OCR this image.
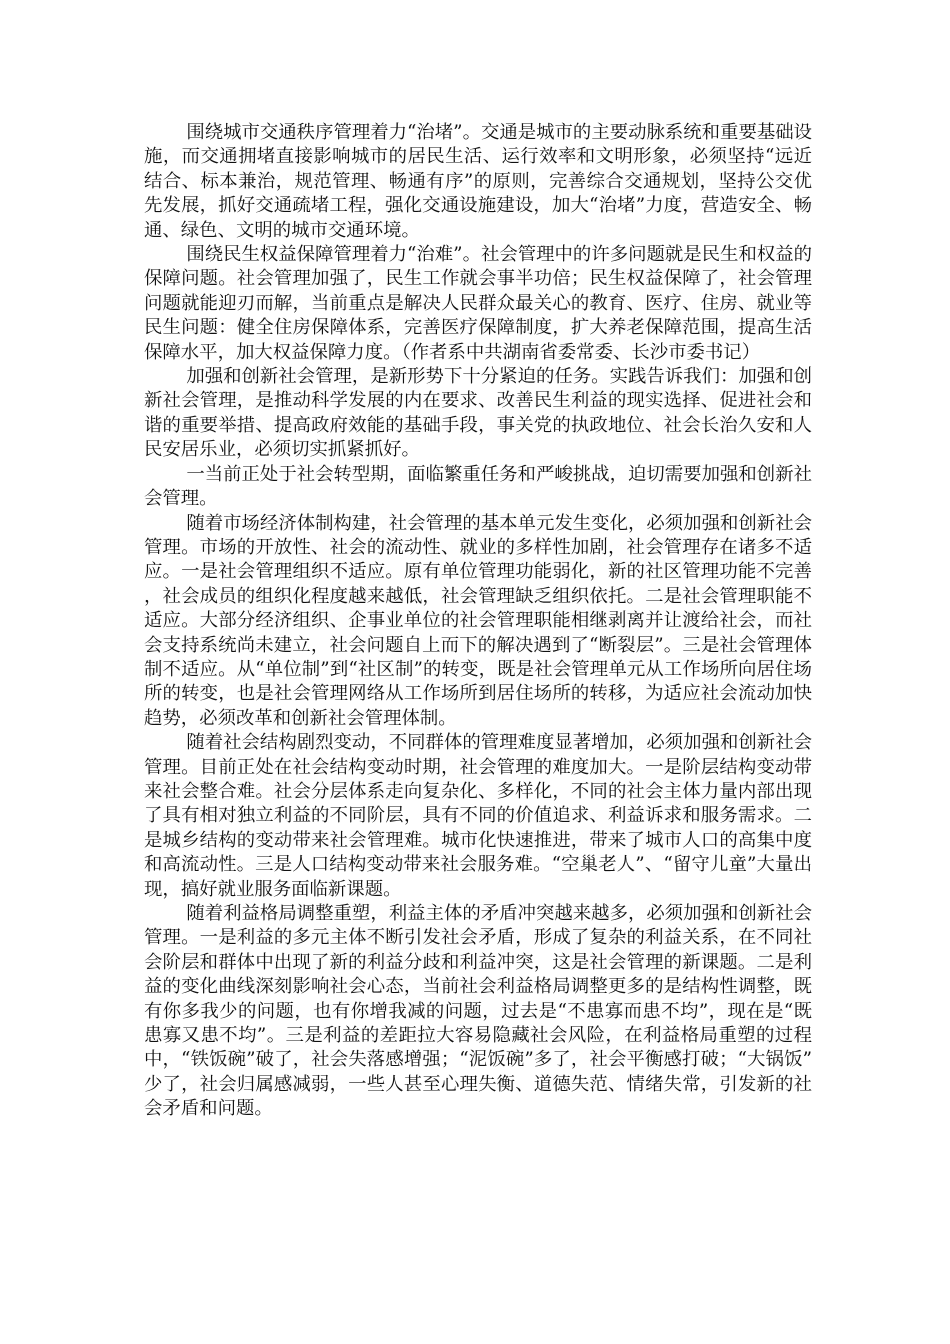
围绕城市交通秩序管理着力“治堵”。交通是城市的主要动脉系统和重要基础设施，而交通拥堵直接影响城市的居民生活、运行效率和文明形象，必须坚持“远近结合、标本兼治，规范管理、畅通有序”的原则，完善综合交通规划，坚持公交优先发展，抓好交通疏堵工程，强化交通设施建设，加大“治堵”力度，营造安全、畅通、绿色、文明的城市交通环境。

围绕民生权益保障管理着力“治难”。社会管理中的许多问题就是民生和权益的保障问题。社会管理加强了，民生工作就会事半功倍；民生权益保障了，社会管理问题就能迎刃而解，当前重点是解决人民群众最关心的教育、医疗、住房、就业等民生问题：健全住房保障体系，完善医疗保障制度，扩大养老保障范围，提高生活保障水平，加大权益保障力度。（作者系中共湖南省委常委、长沙市委书记）

加强和创新社会管理，是新形势下十分紧迫的任务。实践告诉我们：加强和创新社会管理，是推动科学发展的内在要求、改善民生利益的现实选择、促进社会和谐的重要举措、提高政府效能的基础手段，事关党的执政地位、社会长治久安和人民安居乐业，必须切实抓紧抓好。

一当前正处于社会转型期，面临繁重任务和严峻挑战，迫切需要加强和创新社会管理。

随着市场经济体制构建，社会管理的基本单元发生变化，必须加强和创新社会管理。市场的开放性、社会的流动性、就业的多样性加剧，社会管理存在诸多不适应。一是社会管理组织不适应。原有单位管理功能弱化，新的社区管理功能不完善，社会成员的组织化程度越来越低，社会管理缺乏组织依托。二是社会管理职能不适应。大部分经济组织、企事业单位的社会管理职能相继剥离并让渡给社会，而社会支持系统尚未建立，社会问题自上而下的解决遇到了“断裂层”。三是社会管理体制不适应。从“单位制”到“社区制”的转变，既是社会管理单元从工作场所向居住场所的转变，也是社会管理网络从工作场所到居住场所的转移，为适应社会流动加快趋势，必须改革和创新社会管理体制。

随着社会结构剧烈变动，不同群体的管理难度显著增加，必须加强和创新社会管理。目前正处在社会结构变动时期，社会管理的难度加大。一是阶层结构变动带来社会整合难。社会分层体系走向复杂化、多样化，不同的社会主体力量内部出现了具有相对独立利益的不同阶层，具有不同的价值追求、利益诉求和服务需求。二是城乡结构的变动带来社会管理难。城市化快速推进，带来了城市人口的高集中度和高流动性。三是人口结构变动带来社会服务难。“空巢老人”、“留守儿童”大量出现，搞好就业服务面临新课题。

随着利益格局调整重塑，利益主体的矛盾冲突越来越多，必须加强和创新社会管理。一是利益的多元主体不断引发社会矛盾，形成了复杂的利益关系，在不同社会阶层和群体中出现了新的利益分歧和利益冲突，这是社会管理的新课题。二是利益的变化曲线深刻影响社会心态，当前社会利益格局调整更多的是结构性调整，既有你多我少的问题，也有你增我减的问题，过去是“不患寡而患不均”，现在是“既患寡又患不均”。三是利益的差距拉大容易隐藏社会风险，在利益格局重塑的过程中，“铁饭碗”破了，社会失落感增强；“泥饭碗”多了，社会平衡感打破；“大锅饭”少了，社会归属感减弱，一些人甚至心理失衡、道德失范、情绪失常，引发新的社会矛盾和问题。
